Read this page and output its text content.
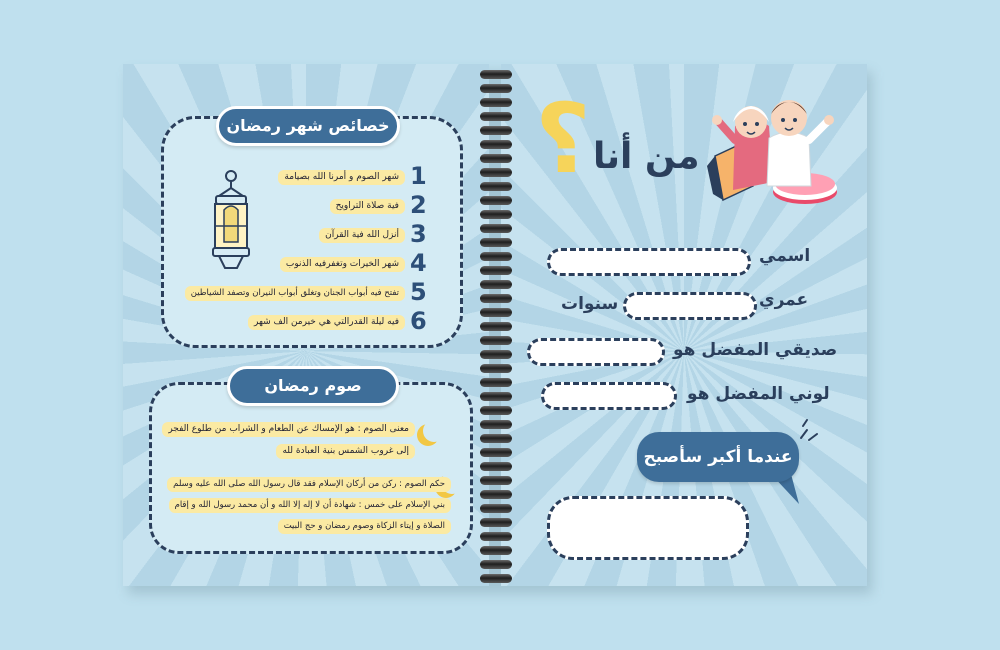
خصائص شهر رمضان
1
2
3
4
5
6
شهر الصوم و أمرنا الله بصيامة
فية صلاة التراويح
أنزل الله فية القرآن
شهر الخيرات وتغفرفيه الذنوب
تفتح فيه أبواب الجنان وتغلق أبواب النيران وتصفد الشياطين
فيه ليلة القدرالتي هي خيرمن الف شهر
صوم رمضان
معنى الصوم : هو الإمساك عن الطعام و الشراب من طلوع الفجر
إلى غروب الشمس بنية العبادة لله
حكم الصوم : ركن من أركان الإسلام فقد قال رسول الله صلى الله عليه وسلم
بني الإسلام على خمس : شهادة أن لا إله إلا الله و أن محمد رسول الله و إقام
الصلاة و إيتاء الزكاة وصوم رمضان و حج البيت
؟ من أنا
اسمي
عمري
سنوات
صديقي المفضل هو
لوني المفضل هو
عندما أكبر سأصبح
